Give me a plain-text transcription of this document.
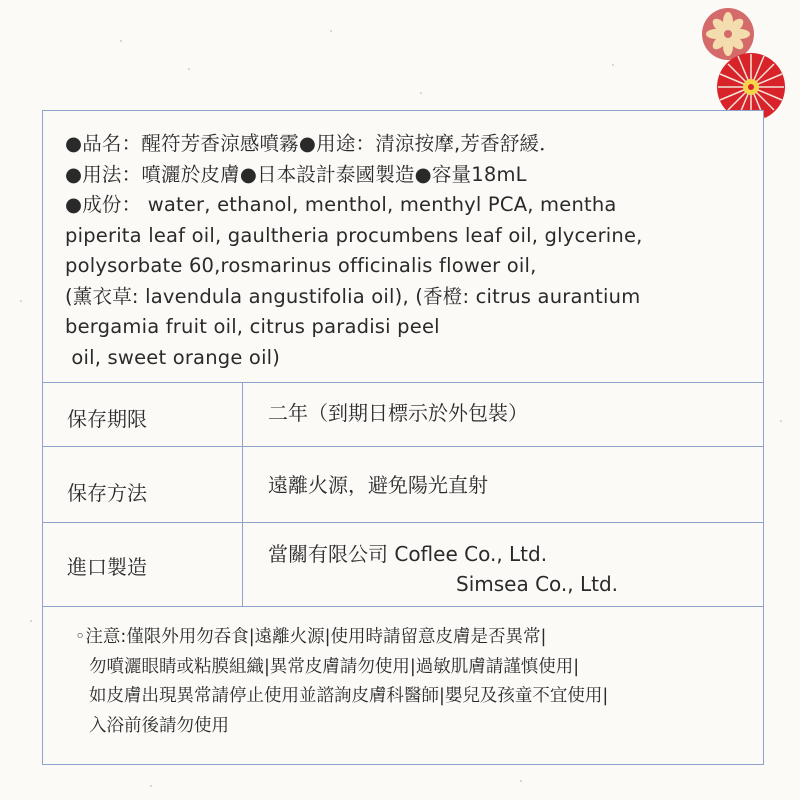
●品名：醒符芳香涼感噴霧●用途：清涼按摩,芳香舒緩．

●用法：噴灑於皮膚●日本設計泰國製造●容量18mL

●成份： water, ethanol, menthol, menthyl PCA, mentha

piperita leaf oil, gaultheria procumbens leaf oil, glycerine,

polysorbate 60,rosmarinus officinalis flower oil,

(薰衣草: lavendula angustifolia oil), (香橙: citrus aurantium

bergamia fruit oil, citrus paradisi peel

oil, sweet orange oil)

保存期限	二年（到期日標示於外包裝）
保存方法	遠離火源，避免陽光直射
進口製造
當關有限公司 Coflee Co., Ltd.
Simsea Co., Ltd.
◦注意:僅限外用勿吞食|遠離火源|使用時請留意皮膚是否異常|
勿噴灑眼睛或粘膜組織|異常皮膚請勿使用|過敏肌膚請謹慎使用|
如皮膚出現異常請停止使用並諮詢皮膚科醫師|嬰兒及孩童不宜使用|
入浴前後請勿使用
